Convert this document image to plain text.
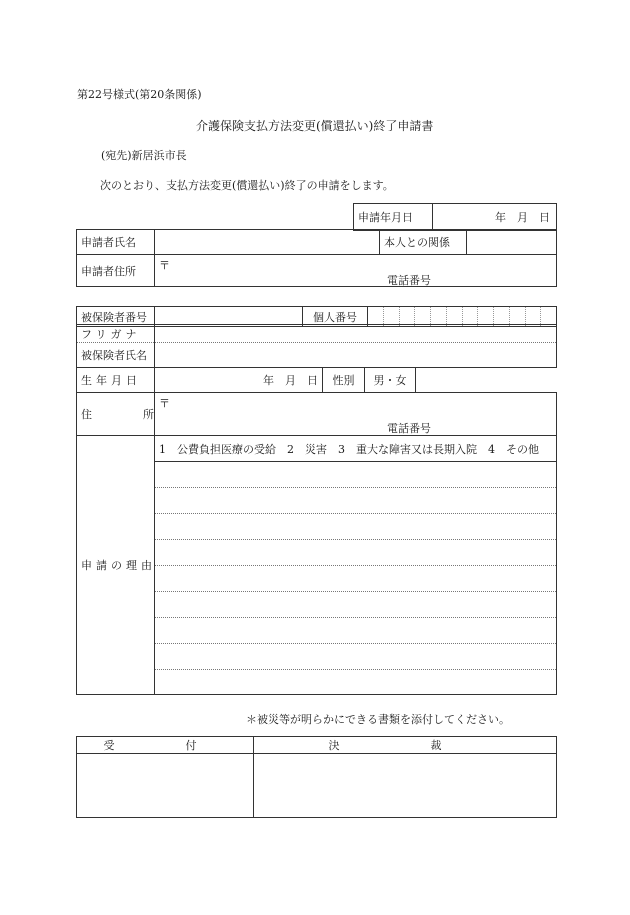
第22号様式(第20条関係)
介護保険支払方法変更(償還払い)終了申請書
(宛先)新居浜市長
次のとおり、支払方法変更(償還払い)終了の申請をします。
申請年月日	年　月　日
申請者氏名		本人との関係	
申請者住所	〒
電話番号		
被保険者番号		個人番号	
フリガナ	
被保険者氏名	
生年月日	年　月　日	性別	男・女	
住　所	
〒
電話番号
申請の理由	1　公費負担医療の受給　2　災害　3　重大な障害又は長期入院　4　その他

＊被災等が明らかにできる書類を添付してください。
受　付	決　裁
